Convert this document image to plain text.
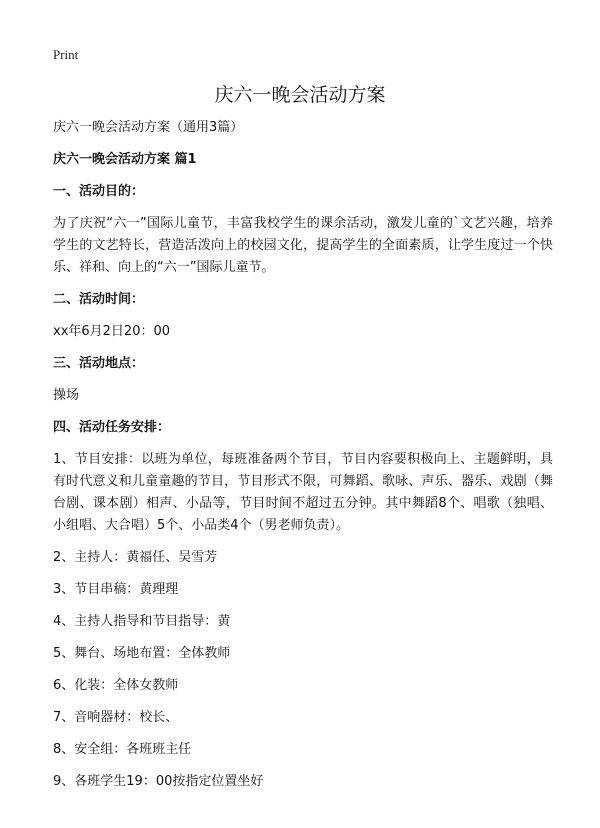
Print
庆六一晚会活动方案

庆六一晚会活动方案（通用3篇）

庆六一晚会活动方案 篇1

一、活动目的：

为了庆祝“六一”国际儿童节，丰富我校学生的课余活动，激发儿童的`文艺兴趣，培养学生的文艺特长，营造活泼向上的校园文化，提高学生的全面素质，让学生度过一个快乐、祥和、向上的“六一”国际儿童节。

二、活动时间：

xx年6月2日20：00

三、活动地点：

操场

四、活动任务安排：

1、节目安排：以班为单位，每班准备两个节目，节目内容要积极向上、主题鲜明，具有时代意义和儿童童趣的节目，节目形式不限，可舞蹈、歌咏、声乐、器乐、戏剧（舞台剧、课本剧）相声、小品等，节目时间不超过五分钟。其中舞蹈8个、唱歌（独唱、小组唱、大合唱）5个、小品类4个（男老师负责）。

2、主持人：黄福任、吴雪芳

3、节目串稿：黄理理

4、主持人指导和节目指导：黄

5、舞台、场地布置：全体教师

6、化装：全体女教师

7、音响器材：校长、

8、安全组：各班班主任

9、各班学生19：00按指定位置坐好
